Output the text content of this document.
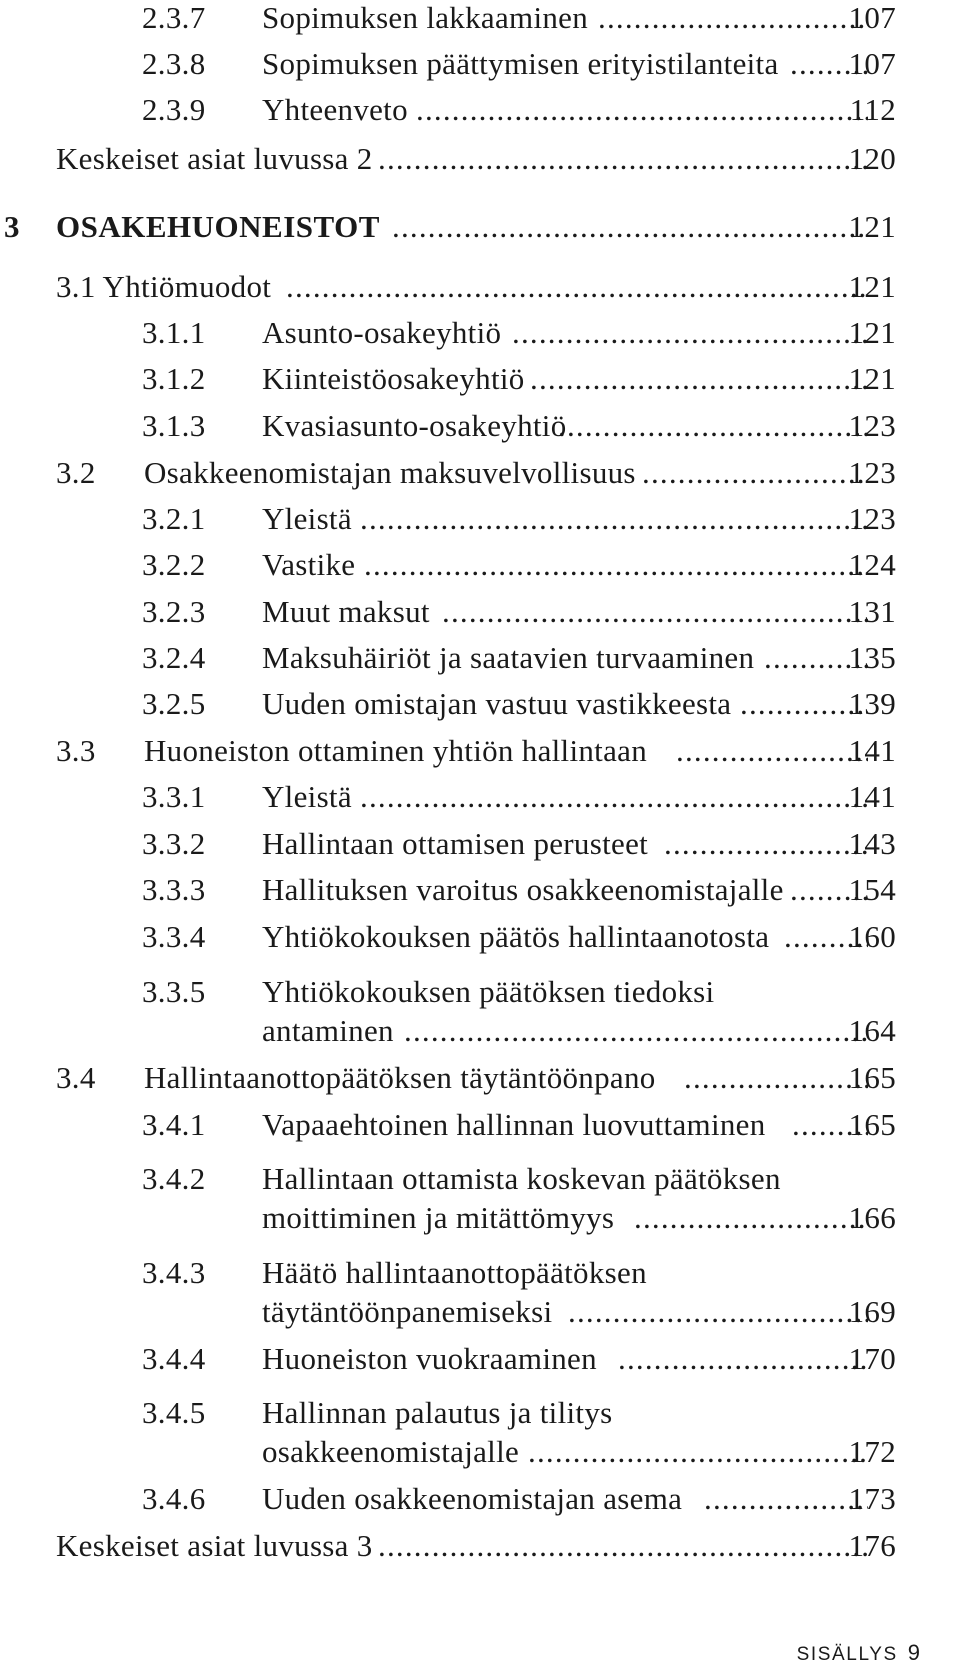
2.3.7 Sopimuksen lakkaaminen .....	107
2.3.8 Sopimuksen päättymisen erityistilanteita ..... 107
2.3.9 Yhteenveto .....	112
Keskeiset asiat luvussa 2 .....	120
3 OSAKEHUONEISTOT .....	121
3.1 Yhtiömuodot .....	121
3.1.1 Asunto-osakeyhtiö .....	121
3.1.2 Kiinteistöosakeyhtiö .....	121
3.1.3 Kvasiasunto-osakeyhtiö .....	123
3.2 Osakkeenomistajan maksuvelvollisuus .....	123
3.2.1 Yleistä .....	123
3.2.2 Vastike .....	124
3.2.3 Muut maksut .....	131
3.2.4 Maksuhäiriöt ja saatavien turvaaminen .....	135
3.2.5 Uuden omistajan vastuu vastikkeesta .....	139
3.3 Huoneiston ottaminen yhtiön hallintaan .....	141
3.3.1 Yleistä .....	141
3.3.2 Hallintaan ottamisen perusteet .....	143
3.3.3 Hallituksen varoitus osakkeenomistajalle ..... 154
3.3.4 Yhtiökokouksen päätös hallintaanotosta .....	160
3.3.5 Yhtiökokouksen päätöksen tiedoksi
antaminen .....	164
3.4 Hallintaanottopäätöksen täytäntöönpano .....	165
3.4.1 Vapaaehtoinen hallinnan luovuttaminen .....	165
3.4.2 Hallintaan ottamista koskevan päätöksen
moittiminen ja mitättömyys .....	166
3.4.3 Häätö hallintaanottopäätöksen
täytäntöönpanemiseksi .....	169
3.4.4 Huoneiston vuokraaminen .....	170
3.4.5 Hallinnan palautus ja tilitys
osakkeenomistajalle .....	172
3.4.6 Uuden osakkeenomistajan asema .....	173
Keskeiset asiat luvussa 3 .....	176
SISÄLLYS 9
